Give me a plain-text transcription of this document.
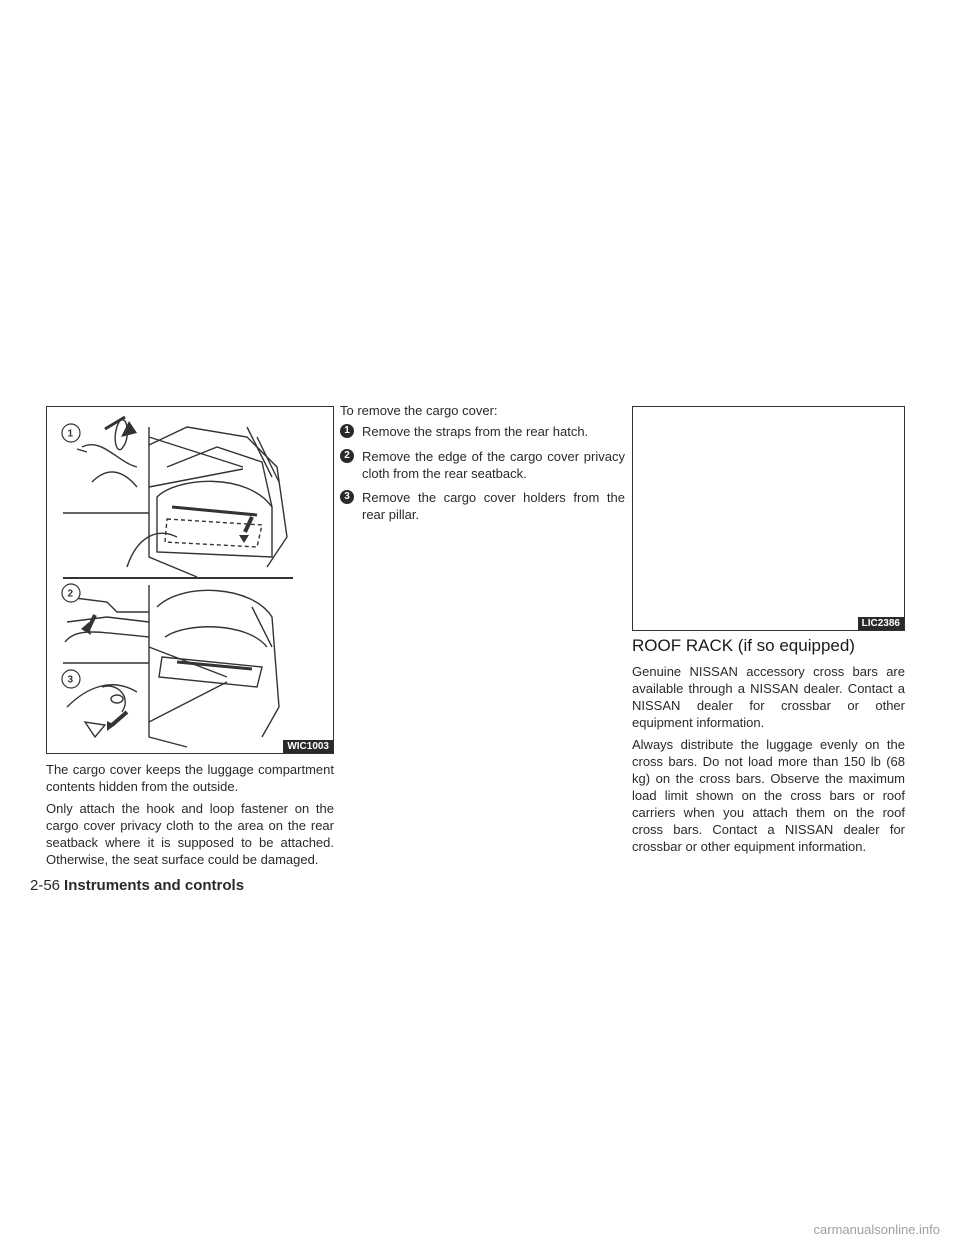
1
2
3
WIC1003

The cargo cover keeps the luggage compartment contents hidden from the outside.

Only attach the hook and loop fastener on the cargo cover privacy cloth to the area on the rear seatback where it is supposed to be attached. Otherwise, the seat surface could be damaged.

To remove the cargo cover:

1 Remove the straps from the rear hatch.
2 Remove the edge of the cargo cover privacy cloth from the rear seatback.
3 Remove the cargo cover holders from the rear pillar.
LIC2386
ROOF RACK (if so equipped)

Genuine NISSAN accessory cross bars are available through a NISSAN dealer. Contact a NISSAN dealer for crossbar or other equipment information.

Always distribute the luggage evenly on the cross bars. Do not load more than 150 lb (68 kg) on the cross bars. Observe the maximum load limit shown on the cross bars or roof carriers when you attach them on the roof cross bars. Contact a NISSAN dealer for crossbar or other equipment information.

2-56 Instruments and controls
carmanualsonline.info
